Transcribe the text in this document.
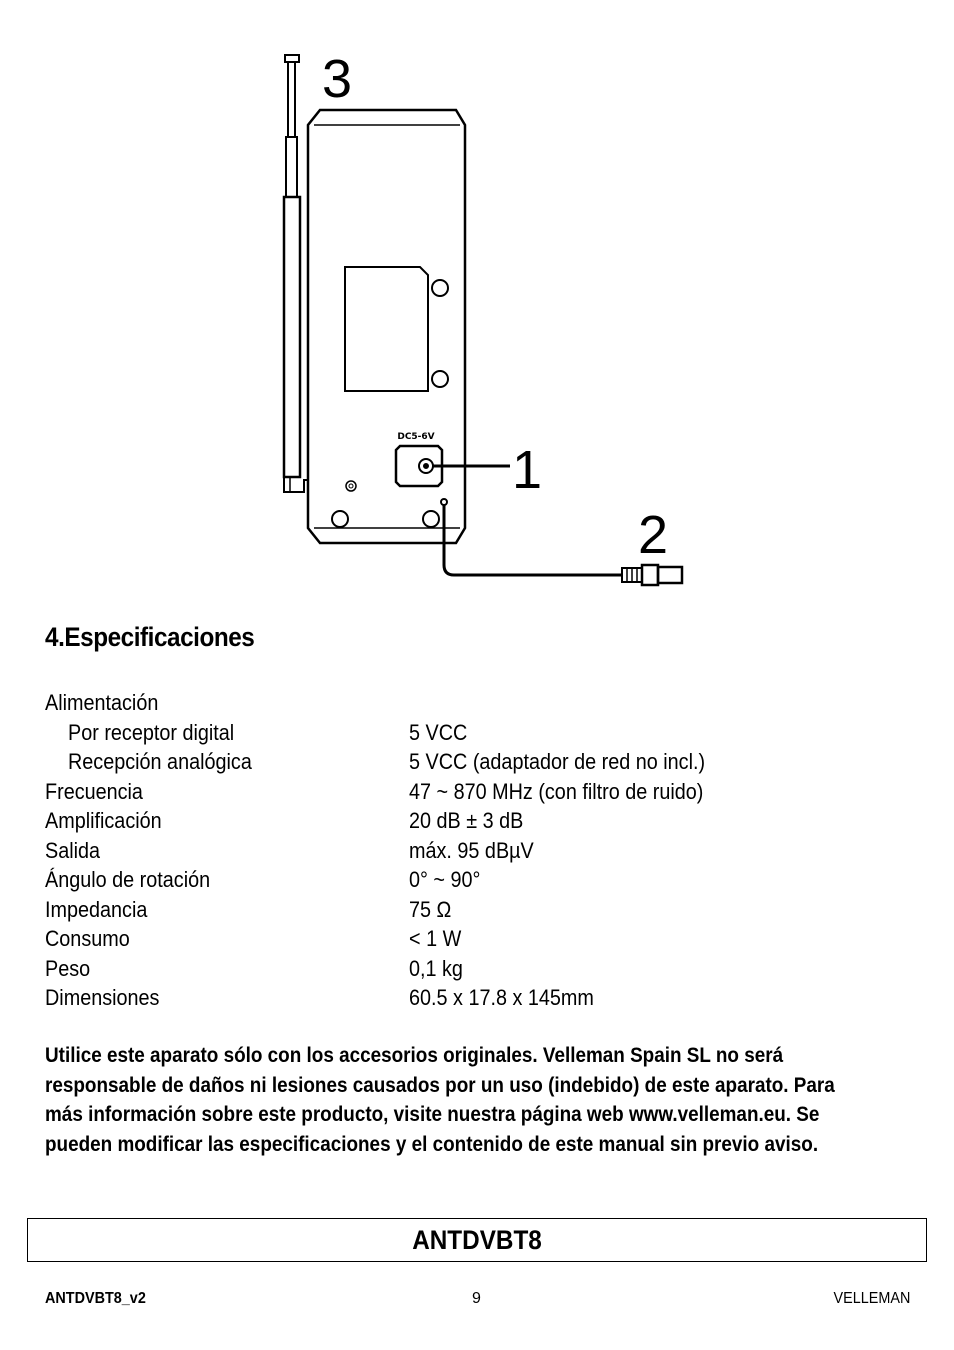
DC5-6V
3
1
2
4.Especificaciones
Alimentación
Por receptor digital	5 VCC
Recepción analógica	5 VCC (adaptador de red no incl.)
Frecuencia	47 ~ 870 MHz (con filtro de ruido)
Amplificación	20 dB ± 3 dB
Salida	máx. 95 dBµV
Ángulo de rotación	0° ~ 90°
Impedancia	75 Ω
Consumo	< 1 W
Peso	0,1 kg
Dimensiones	60.5 x 17.8 x 145mm

Utilice este aparato sólo con los accesorios originales. Velleman Spain SL no será responsable de daños ni lesiones causados por un uso (indebido) de este aparato. Para más información sobre este producto, visite nuestra página web www.velleman.eu. Se pueden modificar las especificaciones y el contenido de este manual sin previo aviso.

ANTDVBT8
ANTDVBT8_v2	9	VELLEMAN
